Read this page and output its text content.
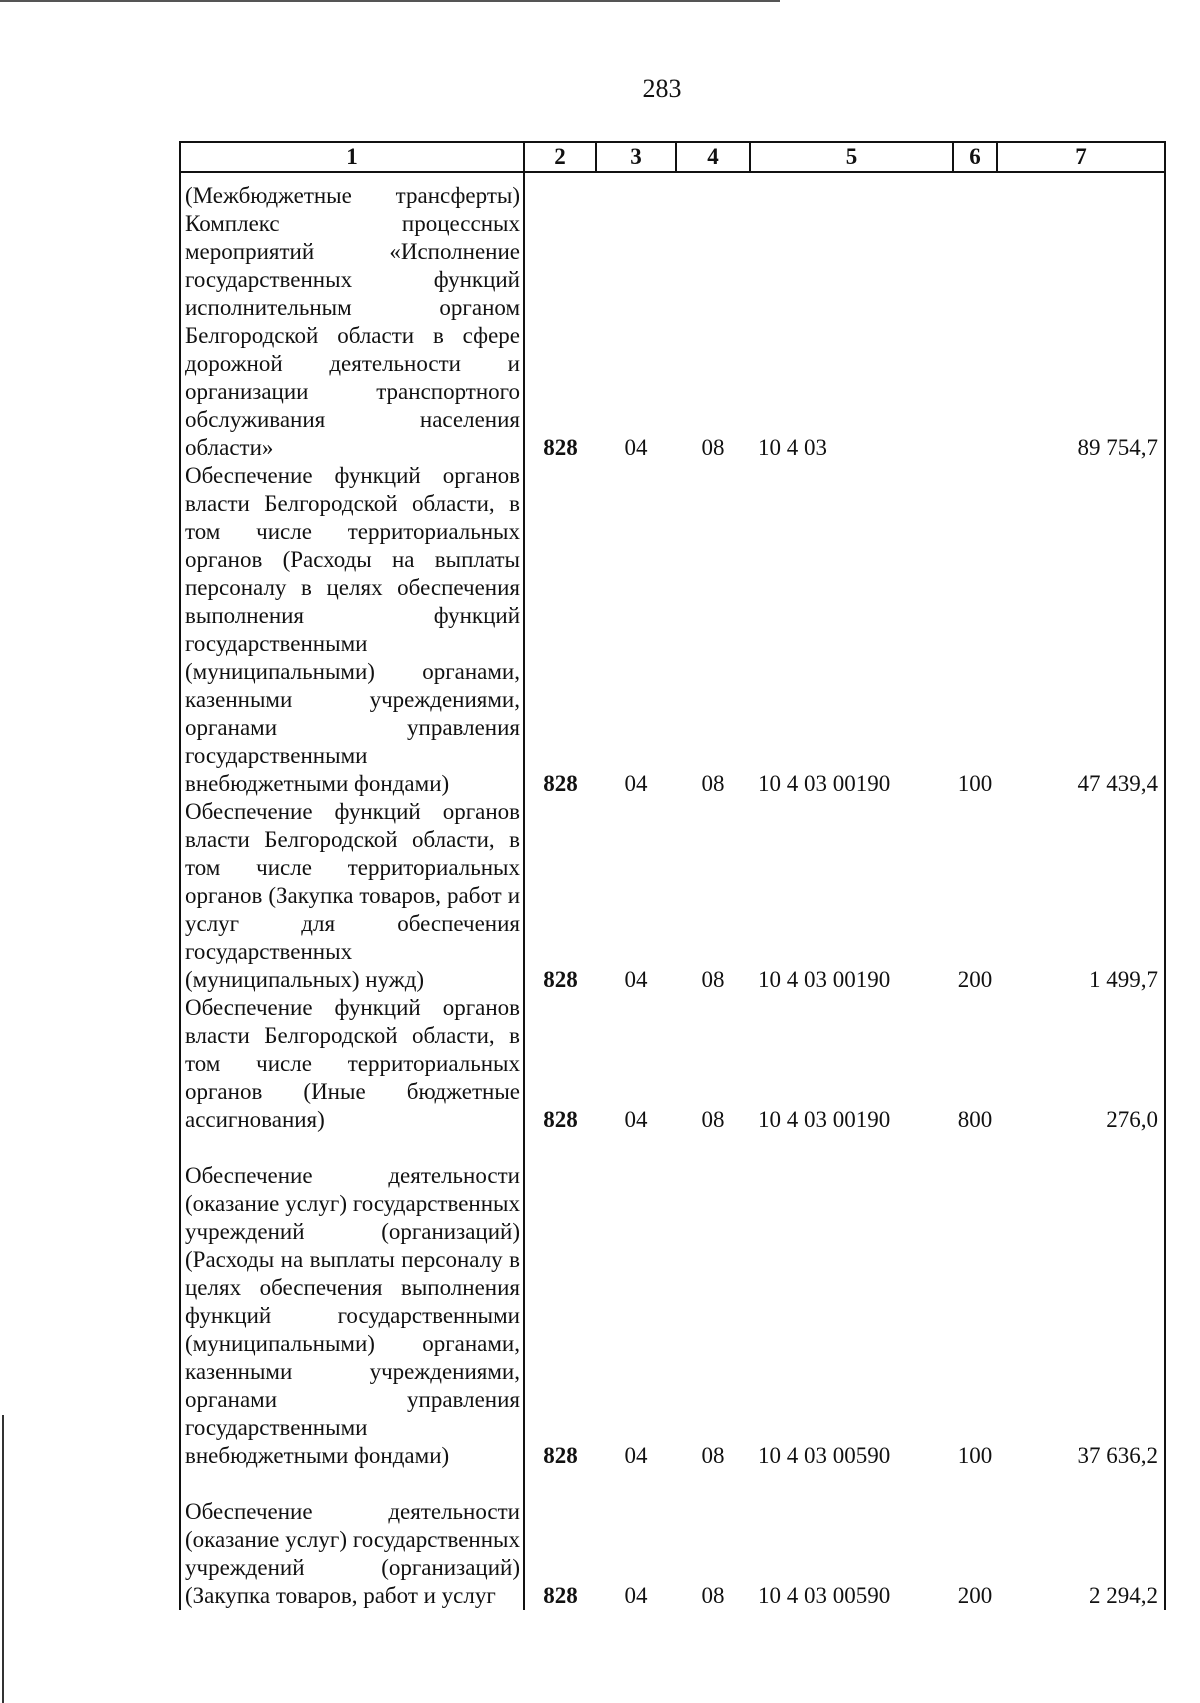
283
1	2	3	4	5	6	7
(Межбюджетные трансферты) Комплекс процессных мероприятий «Исполнение государственных функций исполнительным органом Белгородской области в сфере дорожной деятельности и организации транспортного обслуживания населения области»	828	04	08	10 4 03		89 754,7
Обеспечение функций органов власти Белгородской области, в том числе территориальных органов (Расходы на выплаты персоналу в целях обеспечения выполнения функций государственными (муниципальными) органами, казенными учреждениями, органами управления государственными внебюджетными фондами)	828	04	08	10 4 03 00190	100	47 439,4
Обеспечение функций органов власти Белгородской области, в том числе территориальных органов (Закупка товаров, работ и услуг для обеспечения государственных (муниципальных) нужд)	828	04	08	10 4 03 00190	200	1 499,7
Обеспечение функций органов власти Белгородской области, в том числе территориальных органов (Иные бюджетные ассигнования)	828	04	08	10 4 03 00190	800	276,0
Обеспечение деятельности (оказание услуг) государственных учреждений (организаций) (Расходы на выплаты персоналу в целях обеспечения выполнения функций государственными (муниципальными) органами, казенными учреждениями, органами управления государственными внебюджетными фондами)	828	04	08	10 4 03 00590	100	37 636,2
Обеспечение деятельности (оказание услуг) государственных учреждений (организаций) (Закупка товаров, работ и услуг	828	04	08	10 4 03 00590	200	2 294,2
